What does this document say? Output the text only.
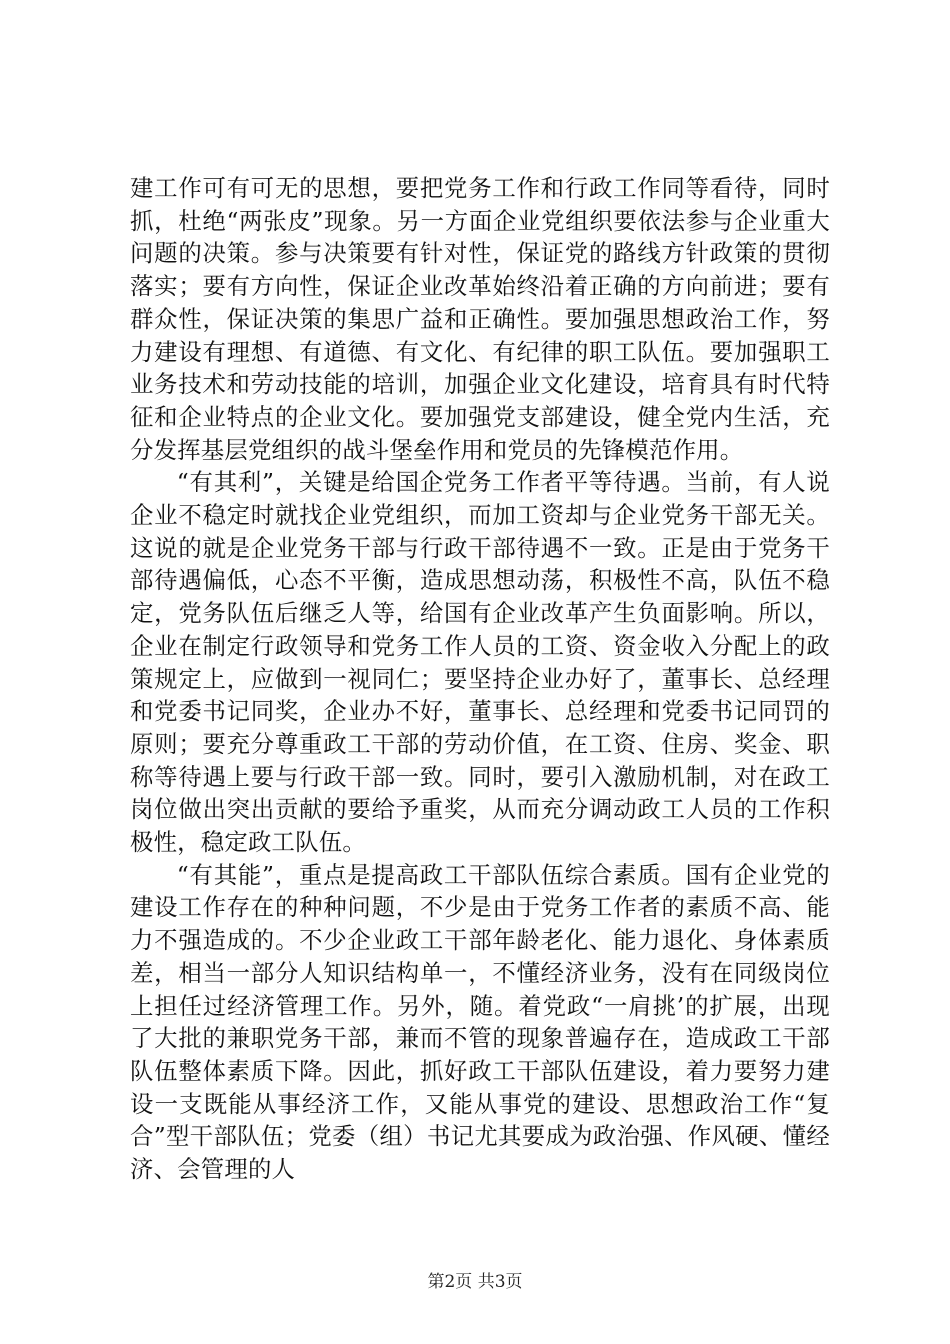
建工作可有可无的思想，要把党务工作和行政工作同等看待，同时抓，杜绝“两张皮”现象。另一方面企业党组织要依法参与企业重大问题的决策。参与决策要有针对性，保证党的路线方针政策的贯彻落实；要有方向性，保证企业改革始终沿着正确的方向前进；要有群众性，保证决策的集思广益和正确性。要加强思想政治工作，努力建设有理想、有道德、有文化、有纪律的职工队伍。要加强职工业务技术和劳动技能的培训，加强企业文化建设，培育具有时代特征和企业特点的企业文化。要加强党支部建设，健全党内生活，充分发挥基层党组织的战斗堡垒作用和党员的先锋模范作用。

“有其利”，关键是给国企党务工作者平等待遇。当前，有人说企业不稳定时就找企业党组织，而加工资却与企业党务干部无关。这说的就是企业党务干部与行政干部待遇不一致。正是由于党务干部待遇偏低，心态不平衡，造成思想动荡，积极性不高，队伍不稳定，党务队伍后继乏人等，给国有企业改革产生负面影响。所以，企业在制定行政领导和党务工作人员的工资、资金收入分配上的政策规定上，应做到一视同仁；要坚持企业办好了，董事长、总经理和党委书记同奖，企业办不好，董事长、总经理和党委书记同罚的原则；要充分尊重政工干部的劳动价值，在工资、住房、奖金、职称等待遇上要与行政干部一致。同时，要引入激励机制，对在政工岗位做出突出贡献的要给予重奖，从而充分调动政工人员的工作积极性，稳定政工队伍。

“有其能”，重点是提高政工干部队伍综合素质。国有企业党的建设工作存在的种种问题，不少是由于党务工作者的素质不高、能力不强造成的。不少企业政工干部年龄老化、能力退化、身体素质差，相当一部分人知识结构单一，不懂经济业务，没有在同级岗位上担任过经济管理工作。另外，随。着党政“一肩挑’的扩展，出现了大批的兼职党务干部，兼而不管的现象普遍存在，造成政工干部队伍整体素质下降。因此，抓好政工干部队伍建设，着力要努力建设一支既能从事经济工作，又能从事党的建设、思想政治工作“复合”型干部队伍；党委（组）书记尤其要成为政治强、作风硬、懂经济、会管理的人

第2页 共3页
